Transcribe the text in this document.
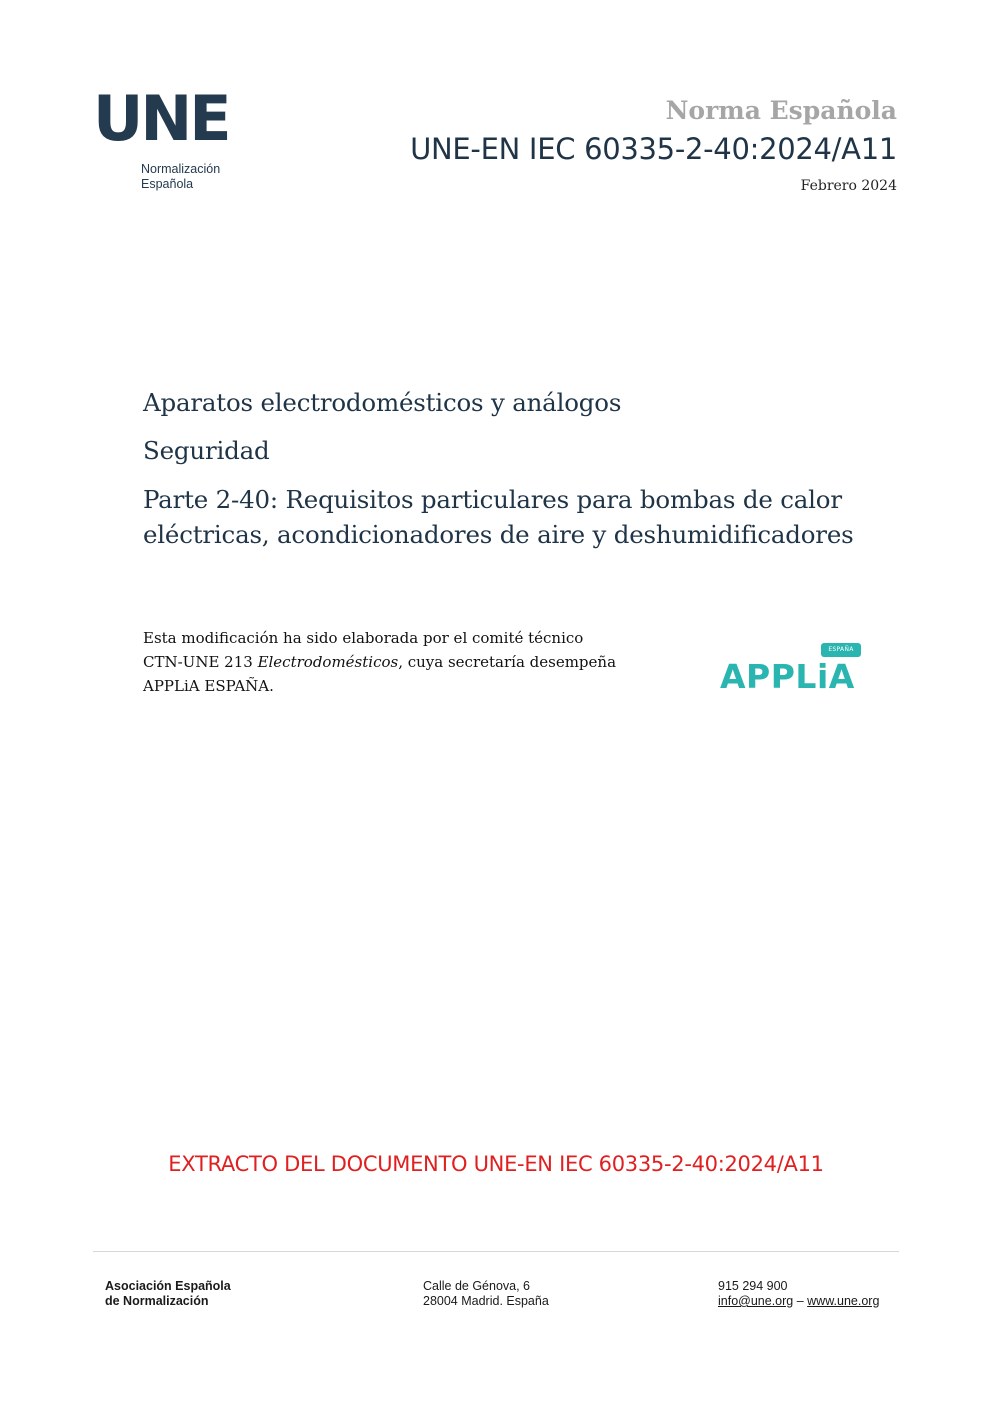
UNE
Normalización
Española
Norma Española
UNE-EN IEC 60335-2-40:2024/A11
Febrero 2024
Aparatos electrodomésticos y análogos
Seguridad
Parte 2-40: Requisitos particulares para bombas de calor
eléctricas, acondicionadores de aire y deshumidificadores
Esta modificación ha sido elaborada por el comité técnico
CTN-UNE 213 Electrodomésticos, cuya secretaría desempeña
APPLiA ESPAÑA.
ESPAÑA
APPLiA
EXTRACTO DEL DOCUMENTO UNE-EN IEC 60335-2-40:2024/A11
Asociación Española
de Normalización
Calle de Génova, 6
28004 Madrid. España
915 294 900
info@une.org – www.une.org
